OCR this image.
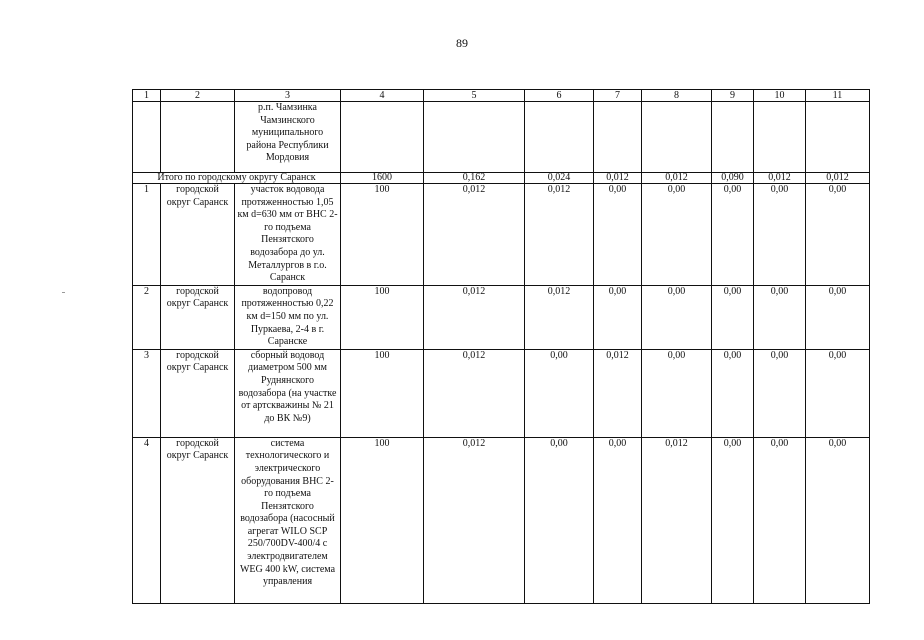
89
1	2	3	4	5	6	7	8	9	10	11
		р.п. Чамзинка Чамзинского муниципального района Республики Мордовия								
Итого по городскому округу Саранск			1600	0,162	0,024	0,012	0,012	0,090	0,012	0,012
1	городской округ Саранск	участок водовода протяженностью 1,05 км d=630 мм от ВНС 2-го подъема Пензятского водозабора до ул. Металлургов в г.о. Саранск	100	0,012	0,012	0,00	0,00	0,00	0,00	0,00
2	городской округ Саранск	водопровод протяженностью 0,22 км d=150 мм по ул. Пуркаева, 2-4 в г. Саранске	100	0,012	0,012	0,00	0,00	0,00	0,00	0,00
3	городской округ Саранск	сборный водовод диаметром 500 мм Руднянского водозабора (на участке от артскважины № 21 до ВК №9)	100	0,012	0,00	0,012	0,00	0,00	0,00	0,00
4	городской округ Саранск	система технологического и электрического оборудования ВНС 2-го подъема Пензятского водозабора (насосный агрегат WILO SCP 250/700DV-400/4 с электродвигателем WEG 400 kW, система управления	100	0,012	0,00	0,00	0,012	0,00	0,00	0,00
